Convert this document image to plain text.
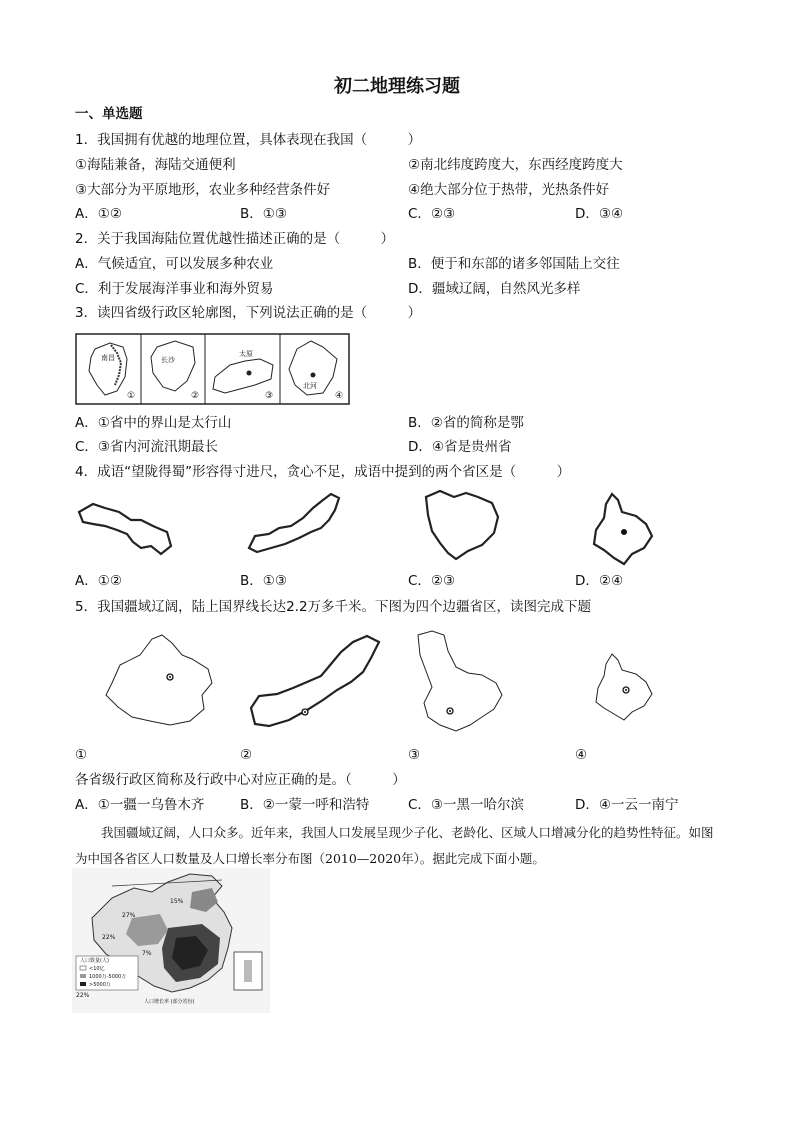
初二地理练习题
一、单选题
1．我国拥有优越的地理位置，具体表现在我国（　　　）
①海陆兼备，海陆交通便利	②南北纬度跨度大，东西经度跨度大
③大部分为平原地形，农业多种经营条件好	④绝大部分位于热带，光热条件好
A．①②	B．①③	C．②③	D．③④
2．关于我国海陆位置优越性描述正确的是（　　　）
A．气候适宜，可以发展多种农业	B．便于和东部的诸多邻国陆上交往
C．利于发展海洋事业和海外贸易	D．疆域辽阔，自然风光多样
3．读四省级行政区轮廓图，下列说法正确的是（　　　）
南昌	长沙
太原
北河
①	②	③	④
A．①省中的界山是太行山	B．②省的简称是鄂
C．③省内河流汛期最长	D．④省是贵州省
4．成语“望陇得蜀”形容得寸进尺，贪心不足，成语中提到的两个省区是（　　　）
A．①②	B．①③	C．②③	D．②④
5．我国疆域辽阔，陆上国界线长达2.2万多千米。下图为四个边疆省区，读图完成下题
①	②	③	④
各省级行政区简称及行政中心对应正确的是。（　　　）
A．①一疆一乌鲁木齐	B．②一蒙一呼和浩特	C．③一黑一哈尔滨	D．④一云一南宁
我国疆域辽阔，人口众多。近年来，我国人口发展呈现少子化、老龄化、区域人口增减分化的趋势性特征。如图为中国各省区人口数量及人口增长率分布图（2010—2020年）。据此完成下面小题。
人口数量(人)
<10亿
1000万-5000万
>5000万
人口增长率 (部分省份)
27%
22%
15%
7%
22%
